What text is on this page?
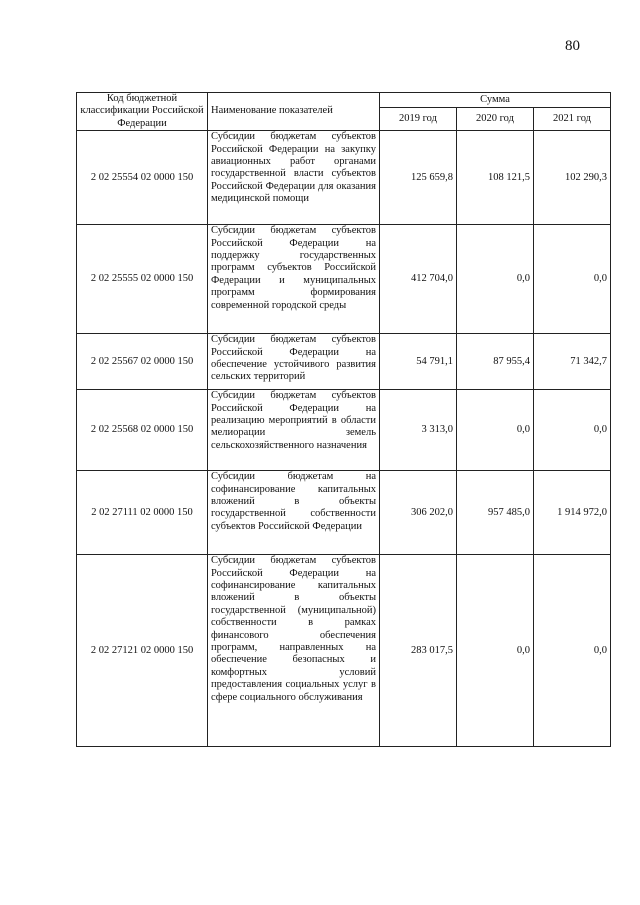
80
Код бюджетной классификации Российской Федерации	Наименование показателей	Сумма		
		2019 год	2020 год	2021 год
2 02 25554 02 0000 150	Субсидии бюджетам субъектов Российской Федерации на закупку авиационных работ органами государственной власти субъектов Российской Федерации для оказания медицинской помощи	125 659,8	108 121,5	102 290,3
2 02 25555 02 0000 150	Субсидии бюджетам субъектов Российской Федерации на поддержку государственных программ субъектов Российской Федерации и муниципальных программ формирования современной городской среды	412 704,0	0,0	0,0
2 02 25567 02 0000 150	Субсидии бюджетам субъектов Российской Федерации на обеспечение устойчивого развития сельских территорий	54 791,1	87 955,4	71 342,7
2 02 25568 02 0000 150	Субсидии бюджетам субъектов Российской Федерации на реализацию мероприятий в области мелиорации земель сельскохозяйственного назначения	3 313,0	0,0	0,0
2 02 27111 02 0000 150	Субсидии бюджетам на софинансирование капитальных вложений в объекты государственной собственности субъектов Российской Федерации	306 202,0	957 485,0	1 914 972,0
2 02 27121 02 0000 150	Субсидии бюджетам субъектов Российской Федерации на софинансирование капитальных вложений в объекты государственной (муниципальной) собственности в рамках финансового обеспечения программ, направленных на обеспечение безопасных и комфортных условий предоставления социальных услуг в сфере социального обслуживания	283 017,5	0,0	0,0
